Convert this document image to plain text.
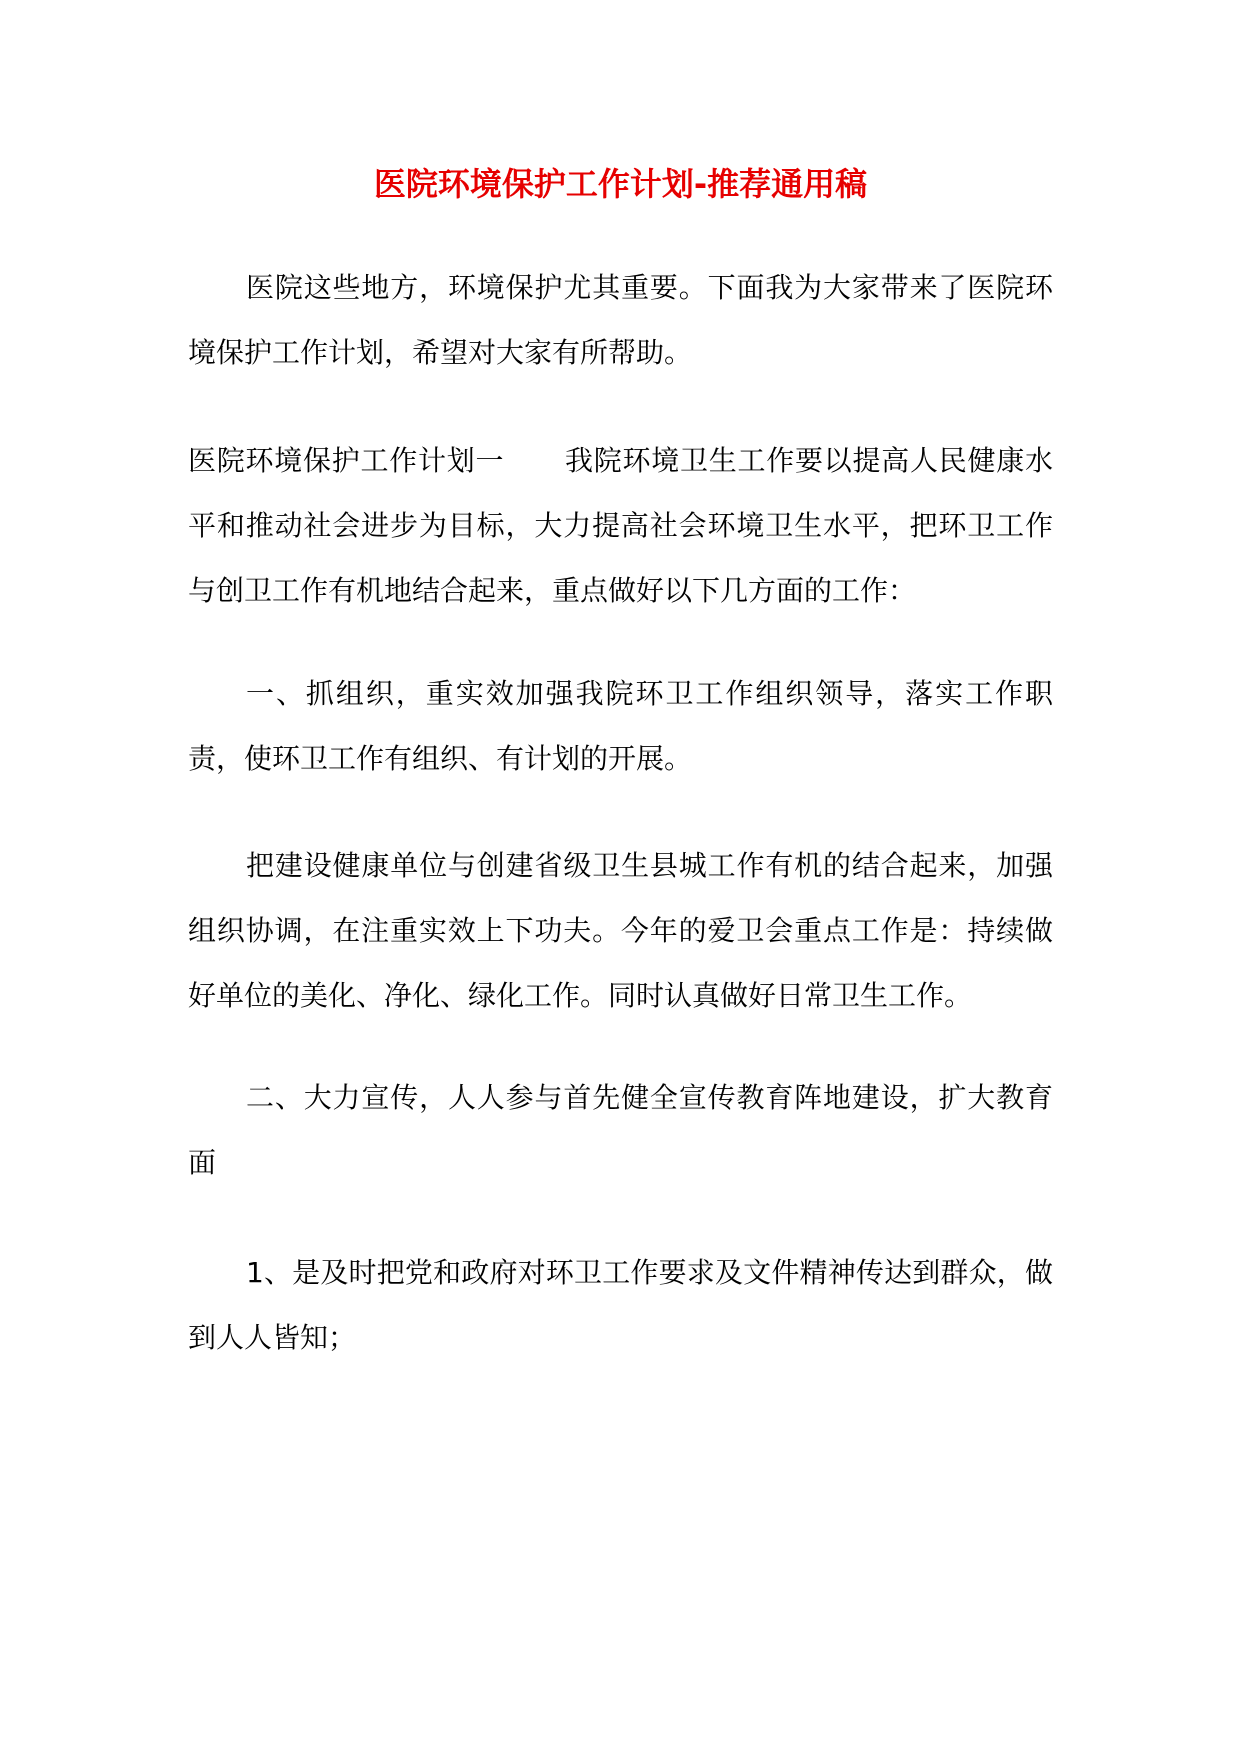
医院环境保护工作计划-推荐通用稿

医院这些地方，环境保护尤其重要。下面我为大家带来了医院环境保护工作计划，希望对大家有所帮助。

医院环境保护工作计划一 我院环境卫生工作要以提高人民健康水平和推动社会进步为目标，大力提高社会环境卫生水平，把环卫工作与创卫工作有机地结合起来，重点做好以下几方面的工作：

一、抓组织，重实效加强我院环卫工作组织领导，落实工作职责，使环卫工作有组织、有计划的开展。

把建设健康单位与创建省级卫生县城工作有机的结合起来，加强组织协调，在注重实效上下功夫。今年的爱卫会重点工作是：持续做好单位的美化、净化、绿化工作。同时认真做好日常卫生工作。

二、大力宣传，人人参与首先健全宣传教育阵地建设，扩大教育面

1、是及时把党和政府对环卫工作要求及文件精神传达到群众，做到人人皆知；
